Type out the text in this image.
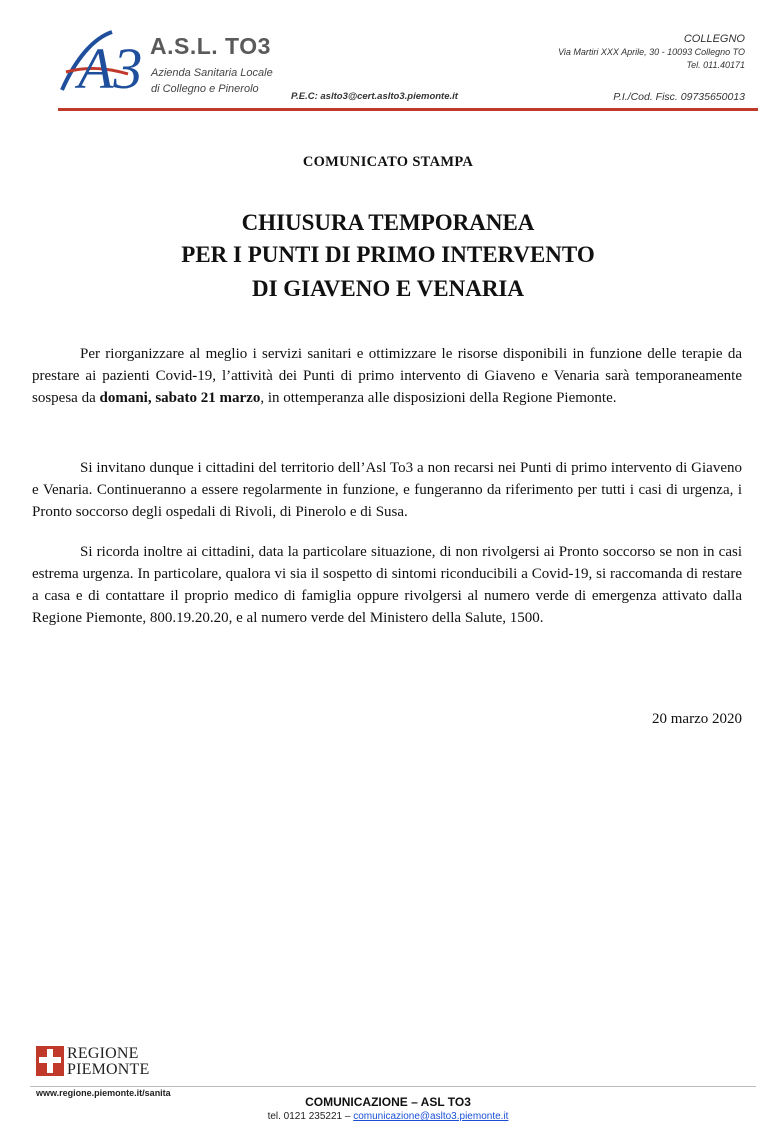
A3 A.S.L. TO3
Azienda Sanitaria Locale
di Collegno e Pinerolo
COLLEGNO
Via Martiri XXX Aprile, 30 - 10093 Collegno TO
Tel. 011.40171
P.E.C: aslto3@cert.aslto3.piemonte.it	P.I./Cod. Fisc. 09735650013
COMUNICATO STAMPA
CHIUSURA TEMPORANEA
PER I PUNTI DI PRIMO INTERVENTO
DI GIAVENO E VENARIA

Per riorganizzare al meglio i servizi sanitari e ottimizzare le risorse disponibili in funzione delle terapie da prestare ai pazienti Covid-19, l’attività dei Punti di primo intervento di Giaveno e Venaria sarà temporaneamente sospesa da domani, sabato 21 marzo, in ottemperanza alle disposizioni della Regione Piemonte.

Si invitano dunque i cittadini del territorio dell’Asl To3 a non recarsi nei Punti di primo intervento di Giaveno e Venaria. Continueranno a essere regolarmente in funzione, e fungeranno da riferimento per tutti i casi di urgenza, i Pronto soccorso degli ospedali di Rivoli, di Pinerolo e di Susa.

Si ricorda inoltre ai cittadini, data la particolare situazione, di non rivolgersi ai Pronto soccorso se non in casi estrema urgenza. In particolare, qualora vi sia il sospetto di sintomi riconducibili a Covid-19, si raccomanda di restare a casa e di contattare il proprio medico di famiglia oppure rivolgersi al numero verde di emergenza attivato dalla Regione Piemonte, 800.19.20.20, e al numero verde del Ministero della Salute, 1500.

20 marzo 2020
REGIONE
PIEMONTE
www.regione.piemonte.it/sanita
COMUNICAZIONE – ASL TO3
tel. 0121 235221 – comunicazione@aslto3.piemonte.it
